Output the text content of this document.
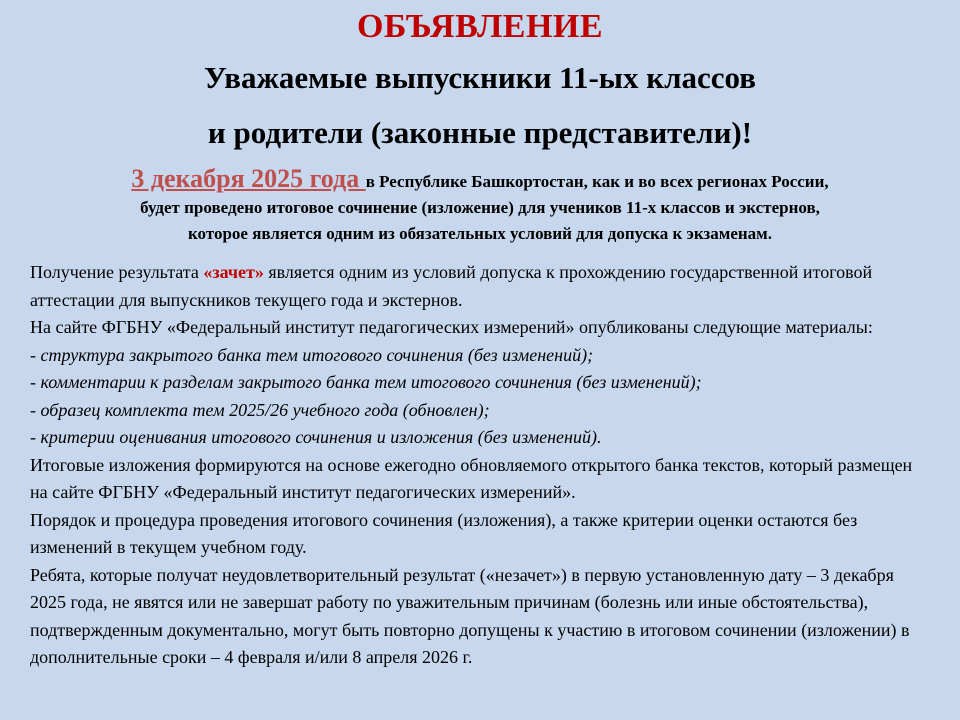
ОБЪЯВЛЕНИЕ
Уважаемые выпускники 11-ых классов
и родители (законные представители)!
3 декабря 2025 года в Республике Башкортостан, как и во всех регионах России,
будет проведено итоговое сочинение (изложение) для учеников 11-х классов и экстернов,
которое является одним из обязательных условий для допуска к экзаменам.

Получение результата «зачет» является одним из условий допуска к прохождению государственной итоговой аттестации для выпускников текущего года и экстернов.

На сайте ФГБНУ «Федеральный институт педагогических измерений» опубликованы следующие материалы:

- структура закрытого банка тем итогового сочинения (без изменений);

- комментарии к разделам закрытого банка тем итогового сочинения (без изменений);

- образец комплекта тем 2025/26 учебного года (обновлен);

- критерии оценивания итогового сочинения и изложения (без изменений).

Итоговые изложения формируются на основе ежегодно обновляемого открытого банка текстов, который размещен на сайте ФГБНУ «Федеральный институт педагогических измерений».

Порядок и процедура проведения итогового сочинения (изложения), а также критерии оценки остаются без изменений в текущем учебном году.

Ребята, которые получат неудовлетворительный результат («незачет») в первую установленную дату – 3 декабря 2025 года, не явятся или не завершат работу по уважительным причинам (болезнь или иные обстоятельства), подтвержденным документально, могут быть повторно допущены к участию в итоговом сочинении (изложении) в дополнительные сроки – 4 февраля и/или 8 апреля 2026 г.
